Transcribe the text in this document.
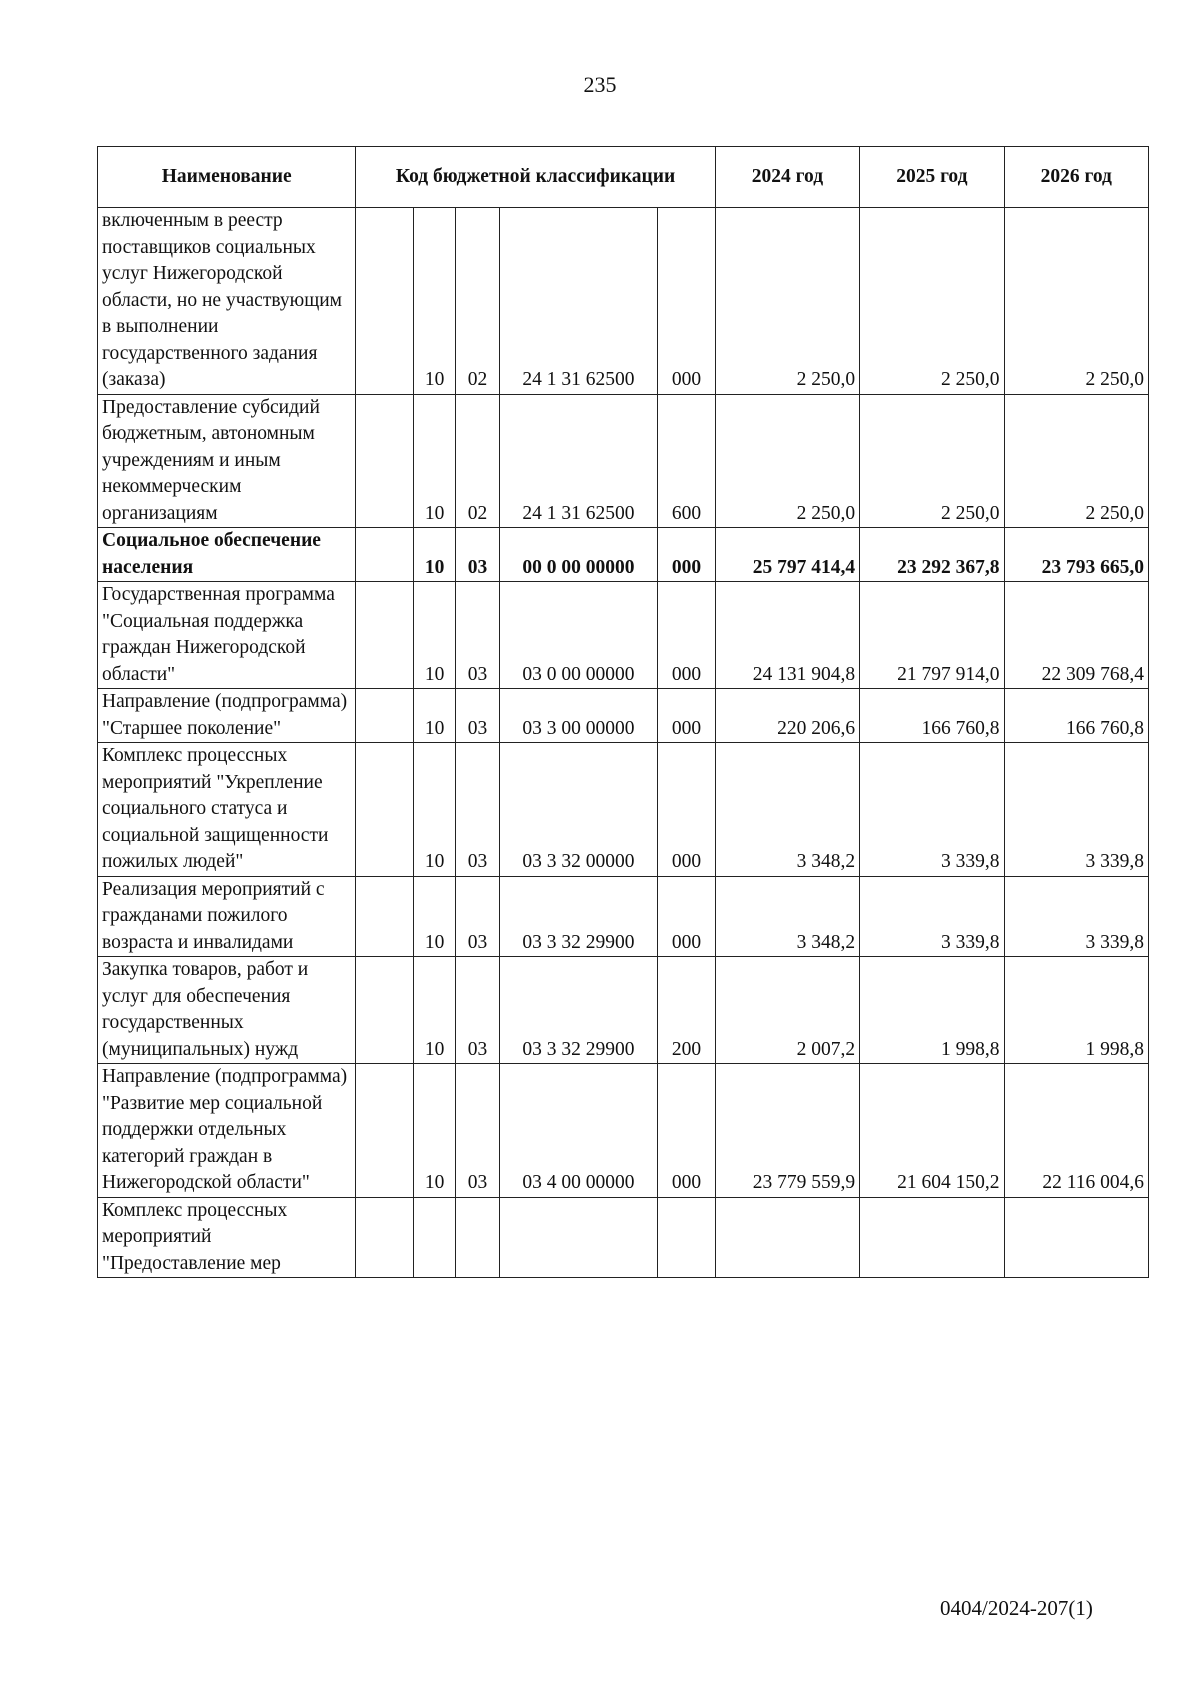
235
Наименование	Код бюджетной классификации					2024 год	2025 год	2026 год
включенным в реестр поставщиков социальных услуг Нижегородской области, но не участвующим в выполнении государственного задания (заказа)		10	02	24 1 31 62500	000	2 250,0	2 250,0	2 250,0
Предоставление субсидий бюджетным, автономным учреждениям и иным некоммерческим организациям		10	02	24 1 31 62500	600	2 250,0	2 250,0	2 250,0
Социальное обеспечение населения		10	03	00 0 00 00000	000	25 797 414,4	23 292 367,8	23 793 665,0
Государственная программа "Социальная поддержка граждан Нижегородской области"		10	03	03 0 00 00000	000	24 131 904,8	21 797 914,0	22 309 768,4
Направление (подпрограмма) "Старшее поколение"		10	03	03 3 00 00000	000	220 206,6	166 760,8	166 760,8
Комплекс процессных мероприятий "Укрепление социального статуса и социальной защищенности пожилых людей"		10	03	03 3 32 00000	000	3 348,2	3 339,8	3 339,8
Реализация мероприятий с гражданами пожилого возраста и инвалидами		10	03	03 3 32 29900	000	3 348,2	3 339,8	3 339,8
Закупка товаров, работ и услуг для обеспечения государственных (муниципальных) нужд		10	03	03 3 32 29900	200	2 007,2	1 998,8	1 998,8
Направление (подпрограмма) "Развитие мер социальной поддержки отдельных категорий граждан в Нижегородской области"		10	03	03 4 00 00000	000	23 779 559,9	21 604 150,2	22 116 004,6
Комплекс процессных мероприятий "Предоставление мер								
0404/2024-207(1)
